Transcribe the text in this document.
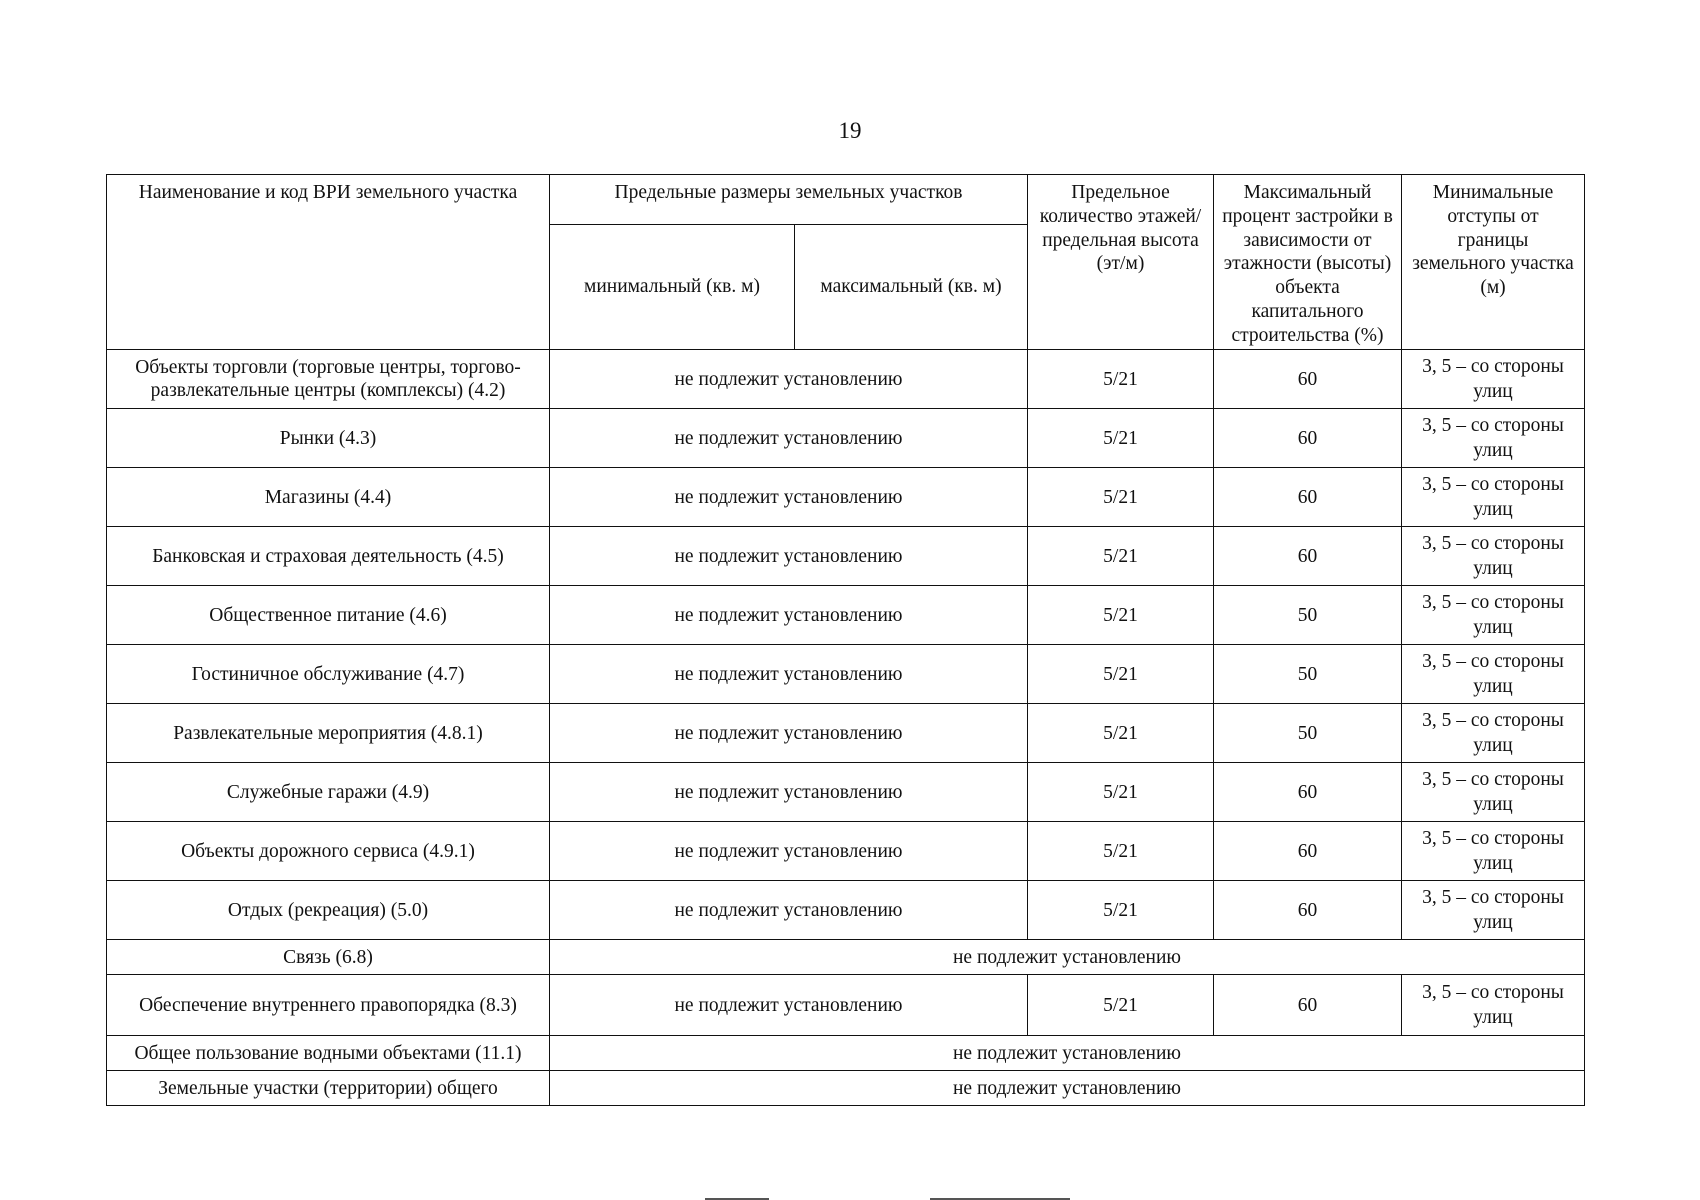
19
Наименование и код ВРИ земельного участка	Предельные размеры земельных участков		Предельное количество этажей/ предельная высота (эт/м)	Максимальный процент застройки в зависимости от этажности (высоты) объекта капитального строительства (%)	Минимальные отступы от границы земельного участка (м)
	минимальный (кв. м)	максимальный (кв. м)			
Объекты торговли (торговые центры, торгово-развлекательные центры (комплексы) (4.2)	не подлежит установлению		5/21	60	3, 5 – со стороны улиц
Рынки (4.3)	не подлежит установлению		5/21	60	3, 5 – со стороны улиц
Магазины (4.4)	не подлежит установлению		5/21	60	3, 5 – со стороны улиц
Банковская и страховая деятельность (4.5)	не подлежит установлению		5/21	60	3, 5 – со стороны улиц
Общественное питание (4.6)	не подлежит установлению		5/21	50	3, 5 – со стороны улиц
Гостиничное обслуживание (4.7)	не подлежит установлению		5/21	50	3, 5 – со стороны улиц
Развлекательные мероприятия (4.8.1)	не подлежит установлению		5/21	50	3, 5 – со стороны улиц
Служебные гаражи (4.9)	не подлежит установлению		5/21	60	3, 5 – со стороны улиц
Объекты дорожного сервиса (4.9.1)	не подлежит установлению		5/21	60	3, 5 – со стороны улиц
Отдых (рекреация) (5.0)	не подлежит установлению		5/21	60	3, 5 – со стороны улиц
Связь (6.8)	не подлежит установлению				
Обеспечение внутреннего правопорядка (8.3)	не подлежит установлению		5/21	60	3, 5 – со стороны улиц
Общее пользование водными объектами (11.1)	не подлежит установлению				
Земельные участки (территории) общего	не подлежит установлению				
